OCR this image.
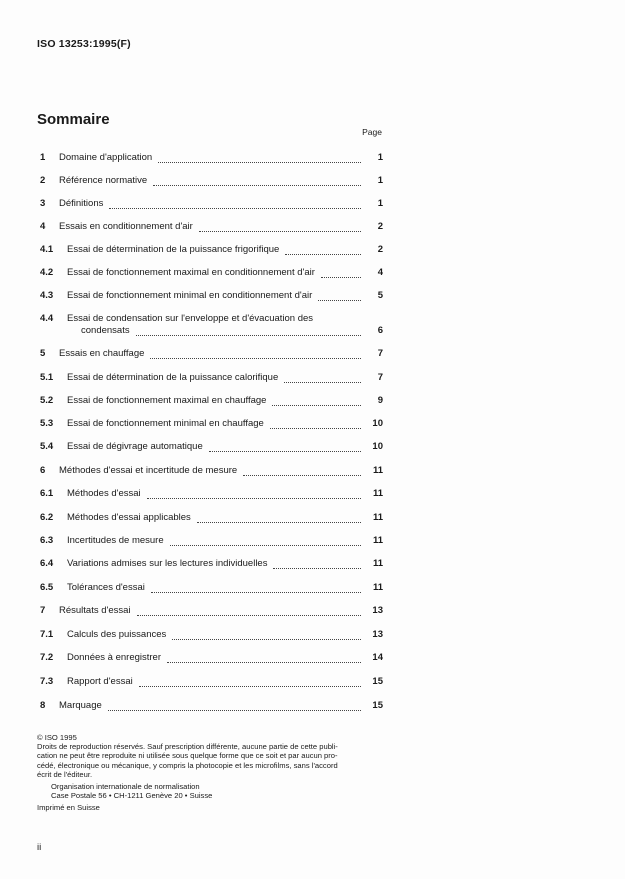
ISO 13253:1995(F)
Sommaire
Page
1 Domaine d'application	1
2 Référence normative	1
3 Définitions	1
4 Essais en conditionnement d'air	2
4.1 Essai de détermination de la puissance frigorifique	2
4.2 Essai de fonctionnement maximal en conditionnement d'air	4
4.3 Essai de fonctionnement minimal en conditionnement d'air	5
4.4 Essai de condensation sur l'enveloppe et d'évacuation des
condensats	6
5 Essais en chauffage	7
5.1 Essai de détermination de la puissance calorifique	7
5.2 Essai de fonctionnement maximal en chauffage	9
5.3 Essai de fonctionnement minimal en chauffage	10
5.4 Essai de dégivrage automatique	10
6 Méthodes d'essai et incertitude de mesure	11
6.1 Méthodes d'essai	11
6.2 Méthodes d'essai applicables	11
6.3 Incertitudes de mesure	11
6.4 Variations admises sur les lectures individuelles	11
6.5 Tolérances d'essai	11
7 Résultats d'essai	13
7.1 Calculs des puissances	13
7.2 Données à enregistrer	14
7.3 Rapport d'essai	15
8 Marquage	15

© ISO 1995

Droits de reproduction réservés. Sauf prescription différente, aucune partie de cette publi-

cation ne peut être reproduite ni utilisée sous quelque forme que ce soit et par aucun pro-

cédé, électronique ou mécanique, y compris la photocopie et les microfilms, sans l'accord

écrit de l'éditeur.

Organisation internationale de normalisation

Case Postale 56 • CH-1211 Genève 20 • Suisse

Imprimé en Suisse

ii
